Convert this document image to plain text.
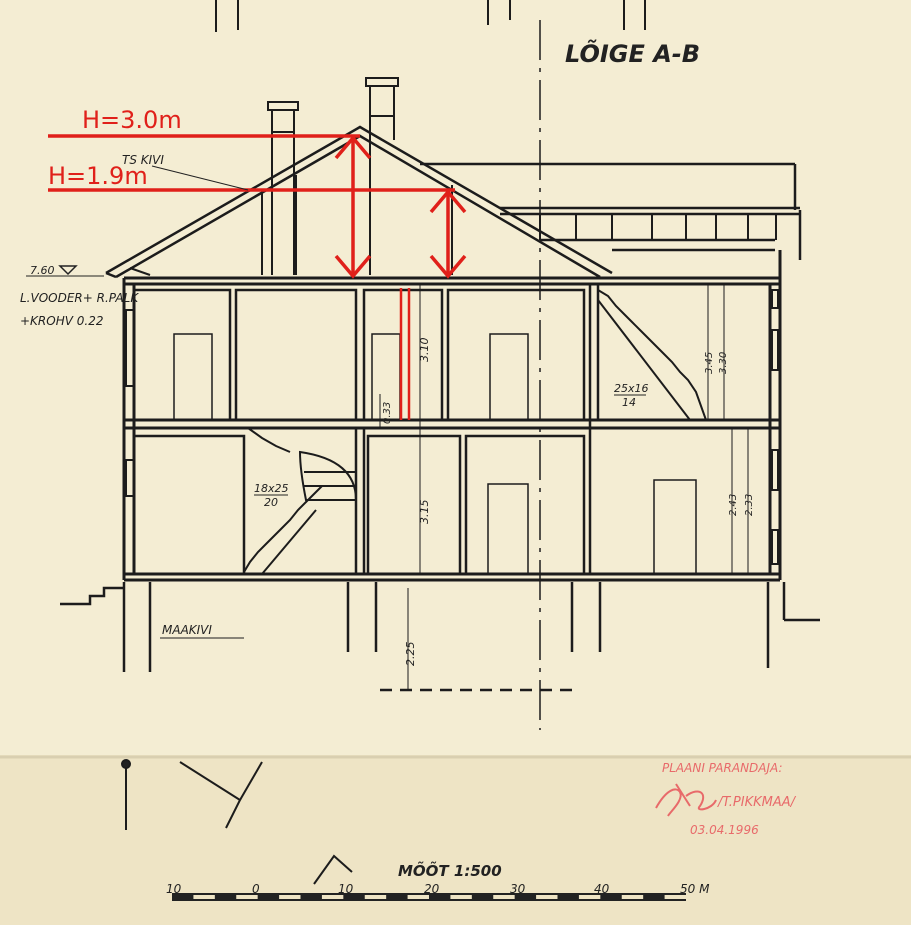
LÕIGE A-B
TS KIVI
7.60
L.VOODER+ R.PALK
+KROHV 0.22
MAAKIVI
3.10
3.15
2.25
0.33
3.45 3.30
2.43 2.33
25x16
14
18x25
20
H=3.0m
H=1.9m
PLAANI PARANDAJA:
/T.PIKKMAA/
03.04.1996
MÕÕT 1:500
10	0	10	20	30	40	50 M
